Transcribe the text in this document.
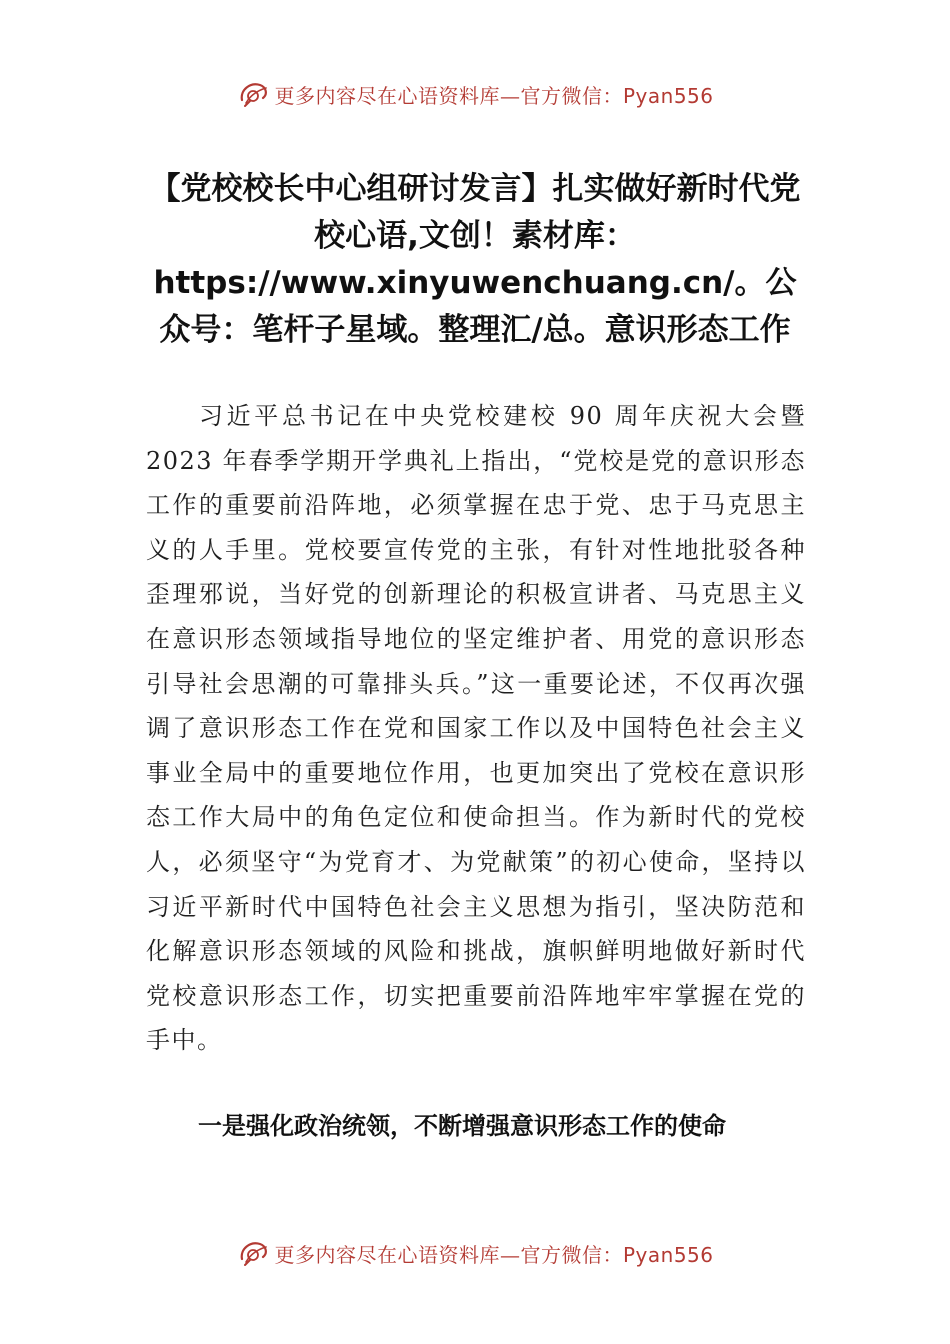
更多内容尽在心语资料库—官方微信：Pyan556
【党校校长中心组研讨发言】扎实做好新时代党校心语,文创！素材库：https://www.xinyuwenchuang.cn/。公众号：笔杆子星域。整理汇/总。意识形态工作

习近平总书记在中央党校建校 90 周年庆祝大会暨 2023 年春季学期开学典礼上指出，“党校是党的意识形态工作的重要前沿阵地，必须掌握在忠于党、忠于马克思主义的人手里。党校要宣传党的主张，有针对性地批驳各种歪理邪说，当好党的创新理论的积极宣讲者、马克思主义在意识形态领域指导地位的坚定维护者、用党的意识形态引导社会思潮的可靠排头兵。”这一重要论述，不仅再次强调了意识形态工作在党和国家工作以及中国特色社会主义事业全局中的重要地位作用，也更加突出了党校在意识形态工作大局中的角色定位和使命担当。作为新时代的党校人，必须坚守“为党育才、为党献策”的初心使命，坚持以习近平新时代中国特色社会主义思想为指引，坚决防范和化解意识形态领域的风险和挑战，旗帜鲜明地做好新时代党校意识形态工作，切实把重要前沿阵地牢牢掌握在党的手中。

一是强化政治统领，不断增强意识形态工作的使命
更多内容尽在心语资料库—官方微信：Pyan556
